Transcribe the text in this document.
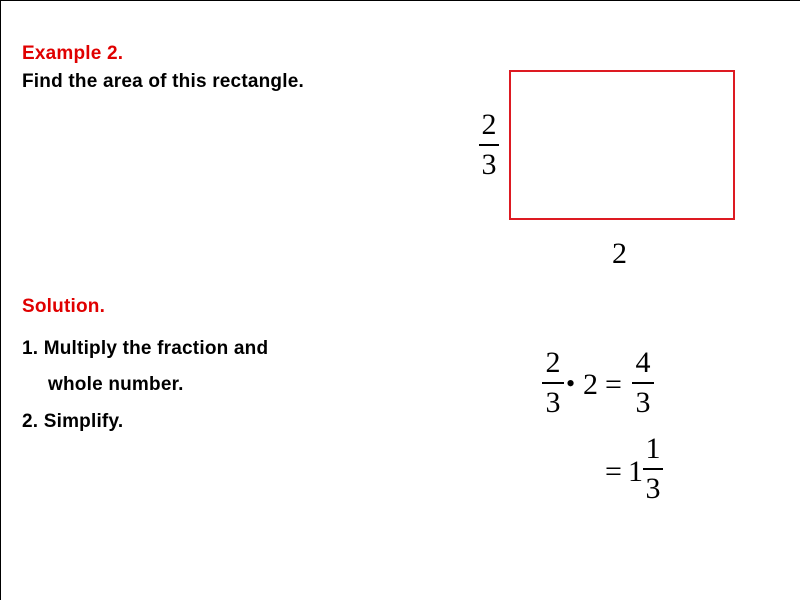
Example 2.
Find the area of this rectangle.
2
3
2
Solution.
1. Multiply the fraction and
whole number.
2. Simplify.
2
3
• 2 =
4
3
= 1
1
3
